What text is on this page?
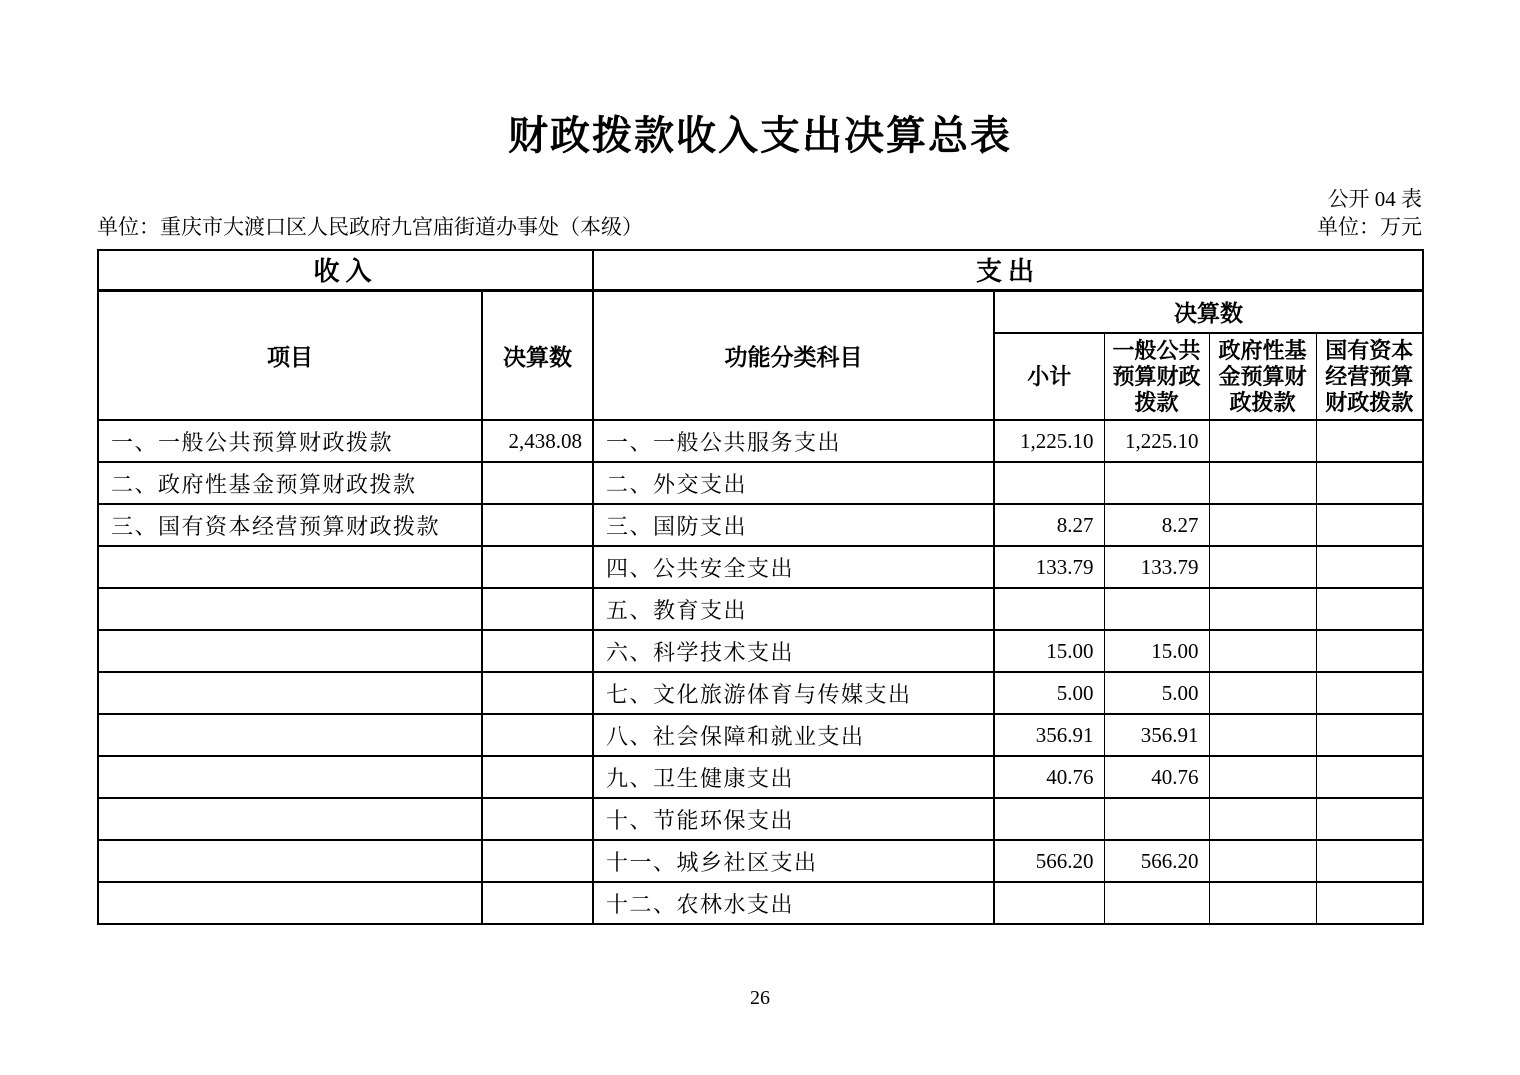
财政拨款收入支出决算总表
公开 04 表
单位：重庆市大渡口区人民政府九宫庙街道办事处（本级）	单位：万元
收入		支出				
项目	决算数	功能分类科目	决算数			
			小计	一般公共预算财政拨款	政府性基金预算财政拨款	国有资本经营预算财政拨款
一、一般公共预算财政拨款	2,438.08	一、一般公共服务支出	1,225.10	1,225.10		
二、政府性基金预算财政拨款		二、外交支出				
三、国有资本经营预算财政拨款		三、国防支出	8.27	8.27		
		四、公共安全支出	133.79	133.79		
		五、教育支出				
		六、科学技术支出	15.00	15.00		
		七、文化旅游体育与传媒支出	5.00	5.00		
		八、社会保障和就业支出	356.91	356.91		
		九、卫生健康支出	40.76	40.76		
		十、节能环保支出				
		十一、城乡社区支出	566.20	566.20		
		十二、农林水支出				
26
